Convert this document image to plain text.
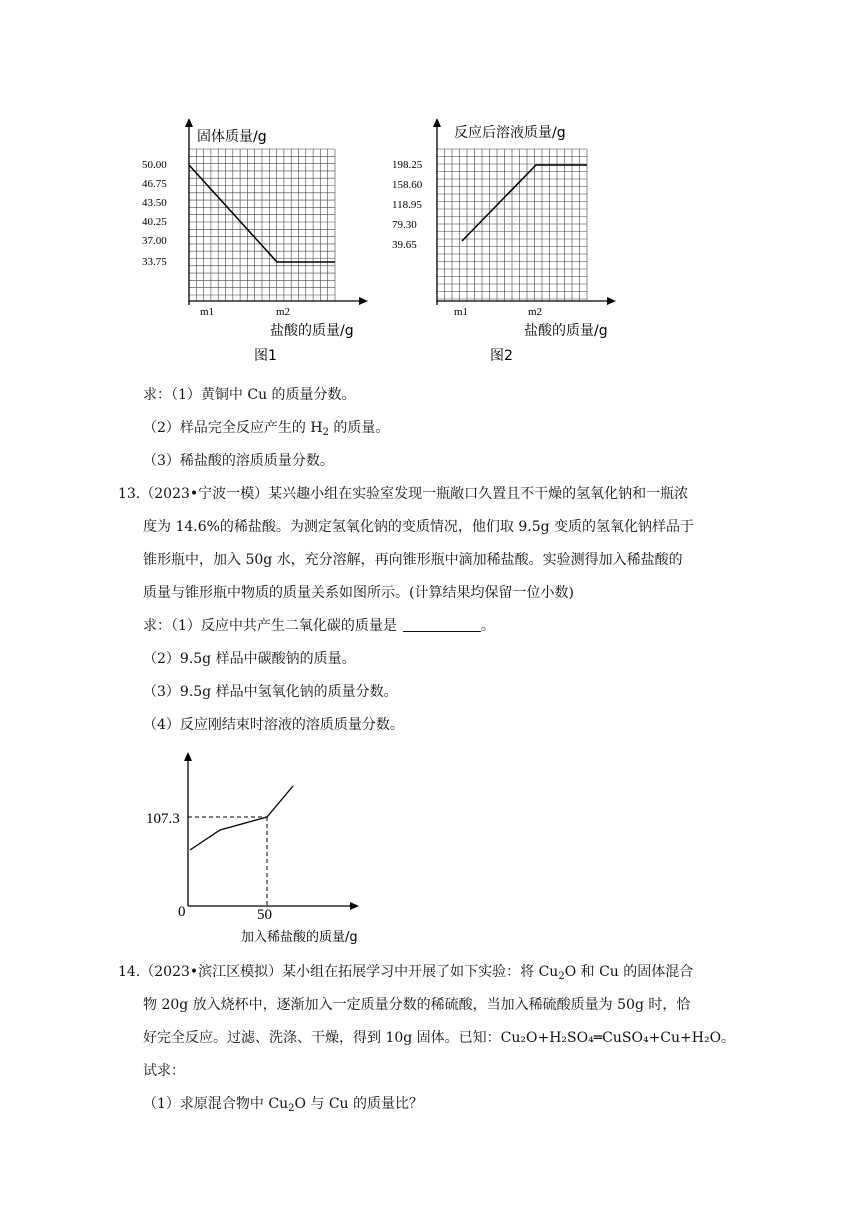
固体质量/g
50.00
46.75
43.50
40.25
37.00
33.75
m1	m2
盐酸的质量/g
图1
反应后溶液质量/g
198.25
158.60
118.95
79.30
39.65
m1	m2
盐酸的质量/g
图2
求：（1）黄铜中 Cu 的质量分数。
（2）样品完全反应产生的 $H_2$ 的质量。
（3）稀盐酸的溶质质量分数。
13.（2023•宁波一模）某兴趣小组在实验室发现一瓶敞口久置且不干燥的氢氧化钠和一瓶浓
度为 14.6%的稀盐酸。为测定氢氧化钠的变质情况，他们取 9.5g 变质的氢氧化钠样品于
锥形瓶中，加入 50g 水，充分溶解，再向锥形瓶中滴加稀盐酸。实验测得加入稀盐酸的
质量与锥形瓶中物质的质量关系如图所示。(计算结果均保留一位小数)
求：（1）反应中共产生二氧化碳的质量是	。
（2）9.5g 样品中碳酸钠的质量。
（3）9.5g 样品中氢氧化钠的质量分数。
（4）反应刚结束时溶液的溶质质量分数。
107.3
0	50
加入稀盐酸的质量/g
14.（2023•滨江区模拟）某小组在拓展学习中开展了如下实验：将 $Cu_2O$ 和 Cu 的固体混合
物 20g 放入烧杯中，逐渐加入一定质量分数的稀硫酸，当加入稀硫酸质量为 50g 时，恰
好完全反应。过滤、洗涤、干燥，得到 10g 固体。已知：Cu₂O+H₂SO₄═CuSO₄+Cu+H₂O。
试求：
（1）求原混合物中 $Cu_2O$ 与 Cu 的质量比？
